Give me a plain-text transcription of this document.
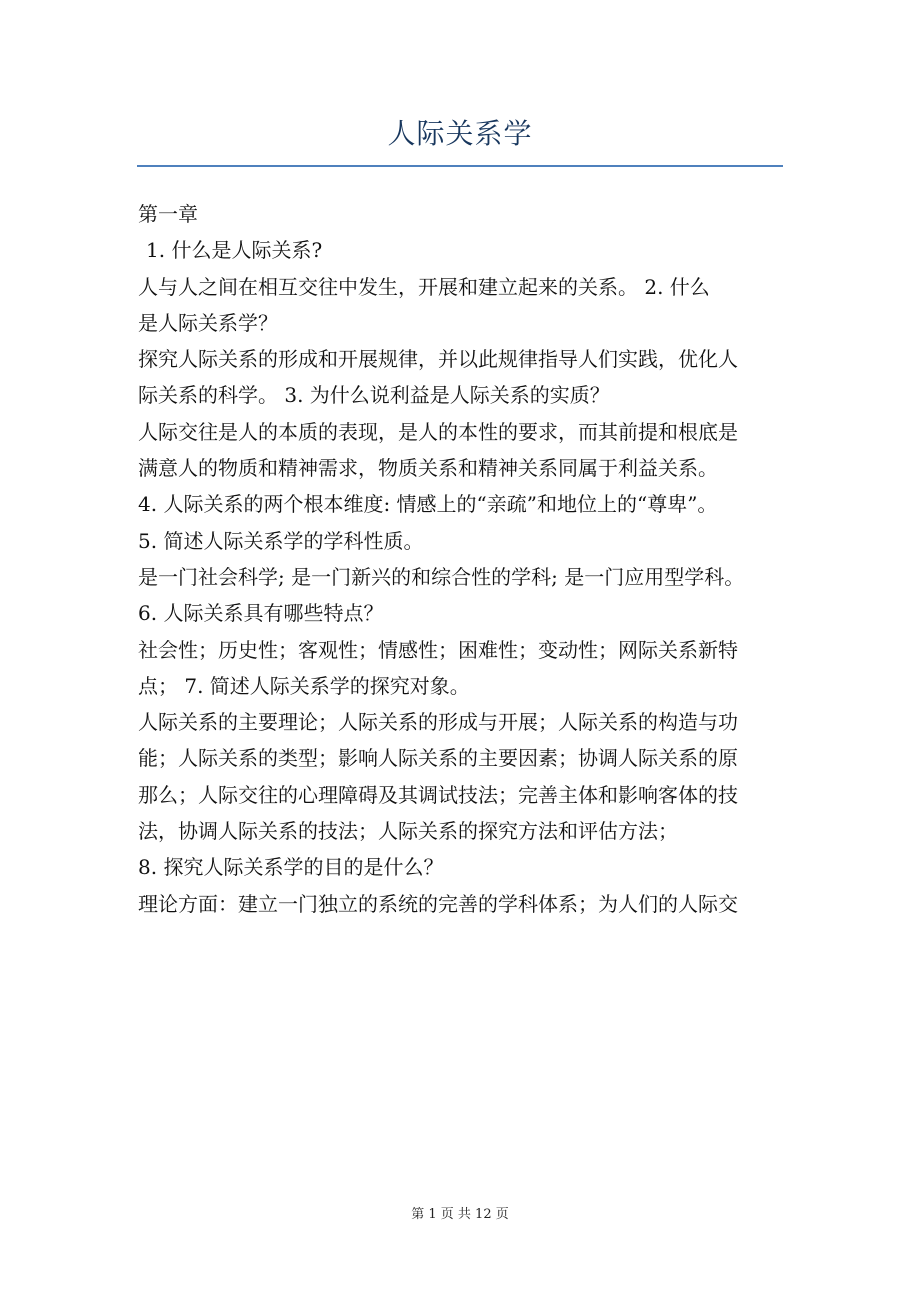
人际关系学

第一章

1. 什么是人际关系?

人与人之间在相互交往中发生，开展和建立起来的关系。 2. 什么

是人际关系学？

探究人际关系的形成和开展规律，并以此规律指导人们实践，优化人

际关系的科学。 3. 为什么说利益是人际关系的实质？

人际交往是人的本质的表现，是人的本性的要求，而其前提和根底是

满意人的物质和精神需求，物质关系和精神关系同属于利益关系。

4. 人际关系的两个根本维度: 情感上的“亲疏”和地位上的“尊卑”。

5. 简述人际关系学的学科性质。

是一门社会科学; 是一门新兴的和综合性的学科; 是一门应用型学科。

6. 人际关系具有哪些特点？

社会性；历史性；客观性；情感性；困难性；变动性；网际关系新特

点； 7. 简述人际关系学的探究对象。

人际关系的主要理论；人际关系的形成与开展；人际关系的构造与功

能；人际关系的类型；影响人际关系的主要因素；协调人际关系的原

那么；人际交往的心理障碍及其调试技法；完善主体和影响客体的技

法，协调人际关系的技法；人际关系的探究方法和评估方法；

8. 探究人际关系学的目的是什么？

理论方面：建立一门独立的系统的完善的学科体系；为人们的人际交

第 1 页 共 12 页
